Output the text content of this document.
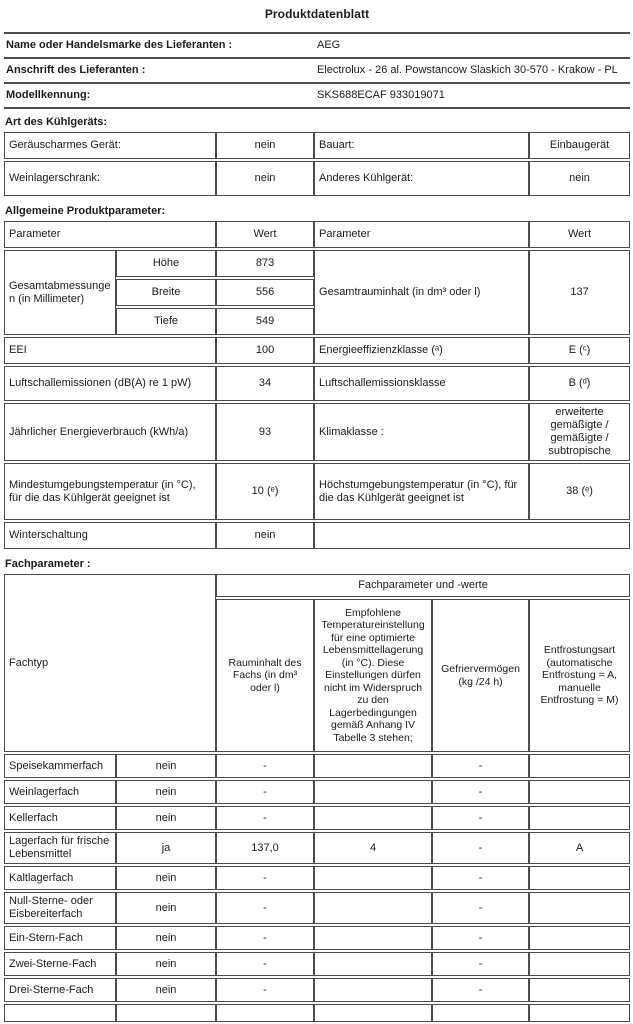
Produktdatenblatt
Name oder Handelsmarke des Lieferanten :	AEG
Anschrift des Lieferanten :	Electrolux - 26 al. Powstancow Slaskich 30-570 - Krakow - PL
Modellkennung:	SKS688ECAF 933019071
Art des Kühlgeräts:
Geräuscharmes Gerät:	nein	Bauart:	Einbaugerät
Weinlagerschrank:	nein	Anderes Kühlgerät:	nein
Allgemeine Produktparameter:
Parameter		Wert	Parameter	Wert
Gesamtabmessungen (in Millimeter)	Höhe	873	Gesamtrauminhalt (in dm³ oder l)	137
	Breite	556		
	Tiefe	549		
EEI		100	Energieeffizienzklasse (ᵃ)	E (ᶜ)
Luftschallemissionen (dB(A) re 1 pW)		34	Luftschallemissionsklasse	B (ᵈ)
Jährlicher Energieverbrauch (kWh/a)		93	Klimaklasse :	erweiterte gemäßigte / gemäßigte / subtropische
Mindestumgebungstemperatur (in °C), für die das Kühlgerät geeignet ist		10 (ᵉ)	Höchstumgebungstemperatur (in °C), für die das Kühlgerät geeignet ist	38 (ᵉ)
Winterschaltung		nein		
Fachparameter :
Fachtyp		Fachparameter und -werte			
		Rauminhalt des Fachs (in dm³ oder l)	Empfohlene Temperatureinstellung für eine optimierte Lebensmittellagerung (in °C). Diese Einstellungen dürfen nicht im Widerspruch zu den Lagerbedingungen gemäß Anhang IV Tabelle 3 stehen;	Gefriervermögen (kg /24 h)	Entfrostungsart (automatische Entfrostung = A, manuelle Entfrostung = M)
Speisekammerfach	nein	-		-	
Weinlagerfach	nein	-		-	
Kellerfach	nein	-		-	
Lagerfach für frische Lebensmittel	ja	137,0	4	-	A
Kaltlagerfach	nein	-		-	
Null-Sterne- oder Eisbereiterfach	nein	-		-	
Ein-Stern-Fach	nein	-		-	
Zwei-Sterne-Fach	nein	-		-	
Drei-Sterne-Fach	nein	-		-	
